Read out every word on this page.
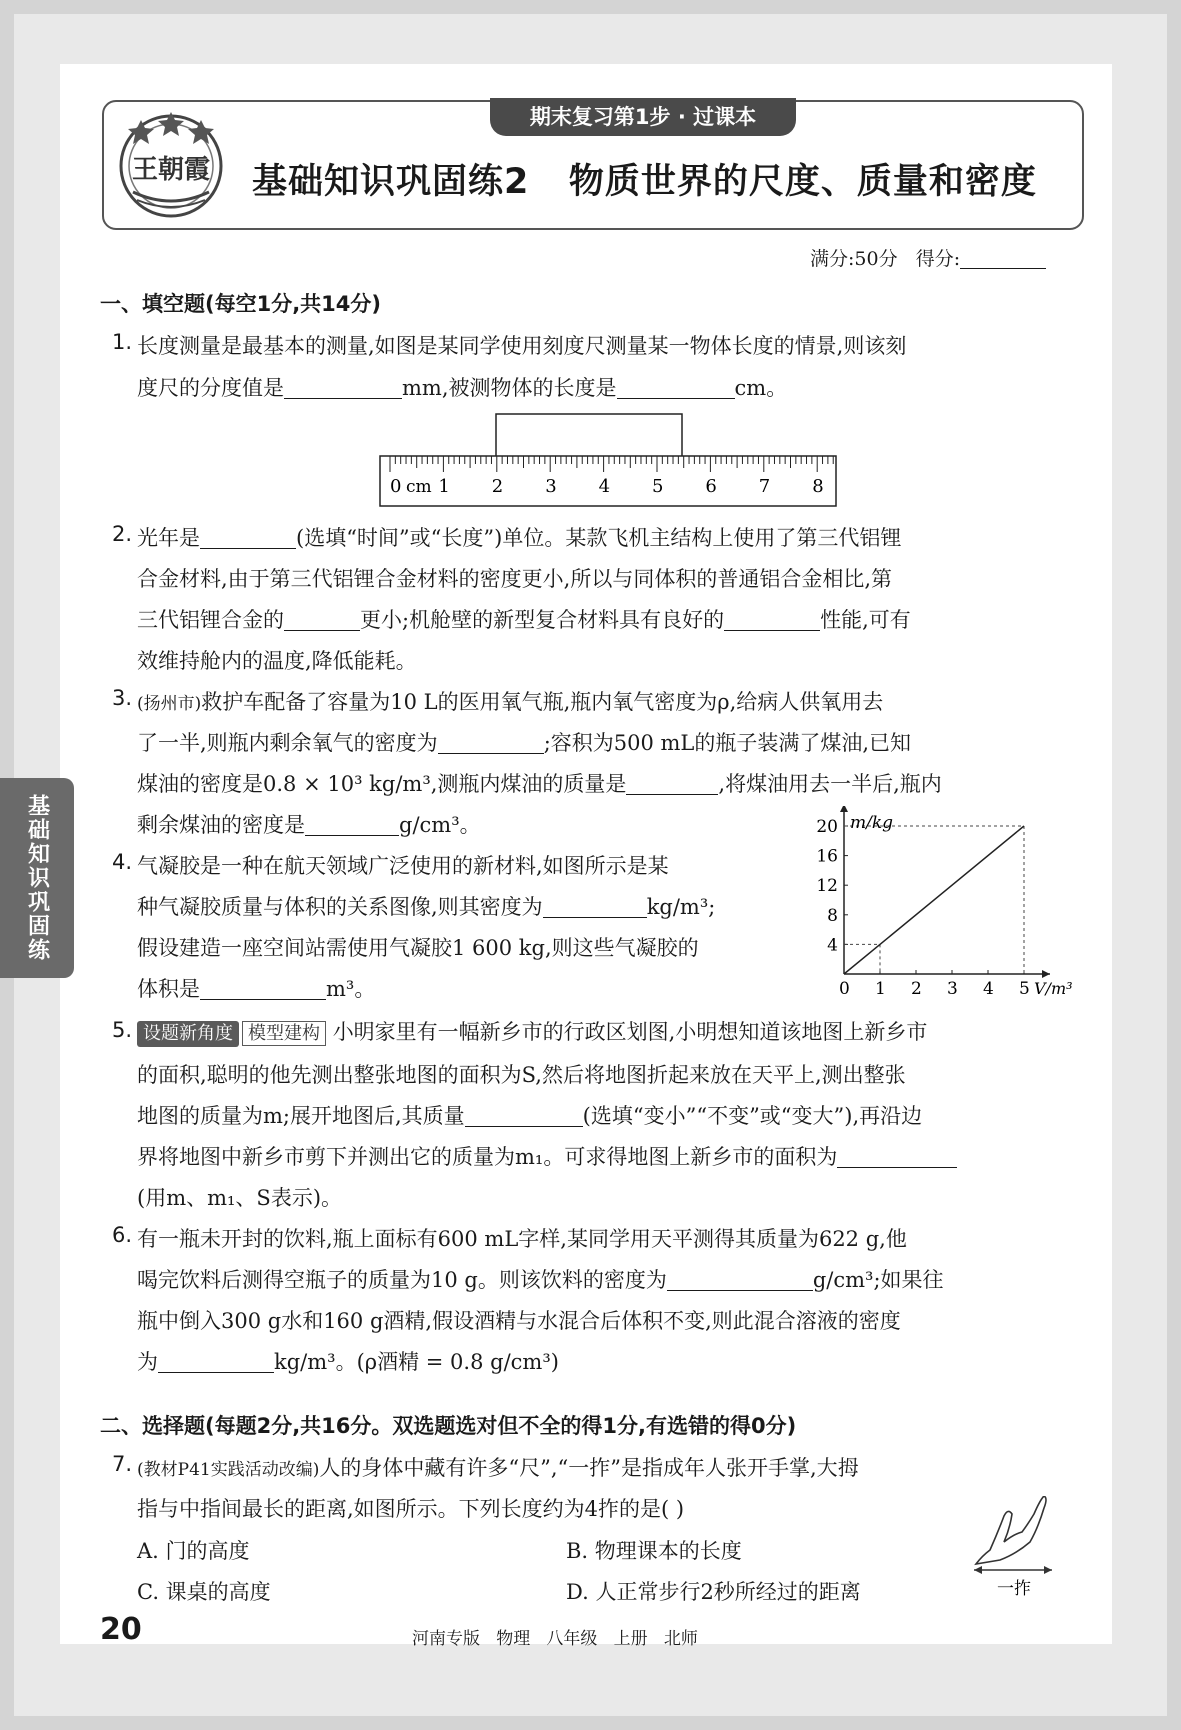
王朝霞
期末复习第1步 · 过课本
基础知识巩固练2   物质世界的尺度、质量和密度
满分:50分   得分:
基础知识巩固练
一、填空题(每空1分,共14分)
1. 长度测量是最基本的测量,如图是某同学使用刻度尺测量某一物体长度的情景,则该刻
度尺的分度值是	mm,被测物体的长度是	cm。
0 1 2 3 4 5 6 7 8
cm
2. 光年是	(选填“时间”或“长度”)单位。某款飞机主结构上使用了第三代铝锂
合金材料,由于第三代铝锂合金材料的密度更小,所以与同体积的普通铝合金相比,第
三代铝锂合金的	更小;机舱壁的新型复合材料具有良好的	性能,可有
效维持舱内的温度,降低能耗。
3. (扬州市)救护车配备了容量为10 L的医用氧气瓶,瓶内氧气密度为ρ,给病人供氧用去
了一半,则瓶内剩余氧气的密度为	;容积为500 mL的瓶子装满了煤油,已知
煤油的密度是0.8 × 10³ kg/m³,测瓶内煤油的质量是	,将煤油用去一半后,瓶内
剩余煤油的密度是	g/cm³。
4. 气凝胶是一种在航天领域广泛使用的新材料,如图所示是某
种气凝胶质量与体积的关系图像,则其密度为	kg/m³;
假设建造一座空间站需使用气凝胶1 600 kg,则这些气凝胶的
体积是	m³。	0 1 2 3 4 5
4
8
12
16
20 m/kg
V/m³
5. 设题新角度 模型建构 小明家里有一幅新乡市的行政区划图,小明想知道该地图上新乡市
的面积,聪明的他先测出整张地图的面积为S,然后将地图折起来放在天平上,测出整张
地图的质量为m;展开地图后,其质量	(选填“变小”“不变”或“变大”),再沿边
界将地图中新乡市剪下并测出它的质量为m₁。可求得地图上新乡市的面积为
(用m、m₁、S表示)。
6. 有一瓶未开封的饮料,瓶上面标有600 mL字样,某同学用天平测得其质量为622 g,他
喝完饮料后测得空瓶子的质量为10 g。则该饮料的密度为	g/cm³;如果往
瓶中倒入300 g水和160 g酒精,假设酒精与水混合后体积不变,则此混合溶液的密度
为	kg/m³。(ρ酒精 = 0.8 g/cm³)
二、选择题(每题2分,共16分。双选题选对但不全的得1分,有选错的得0分)
7. (教材P41实践活动改编)人的身体中藏有许多“尺”,“一拃”是指成年人张开手掌,大拇
指与中指间最长的距离,如图所示。下列长度约为4拃的是( )
A. 门的高度	B. 物理课本的长度
C. 课桌的高度	D. 人正常步行2秒所经过的距离	一拃
20	河南专版   物理   八年级   上册   北师
